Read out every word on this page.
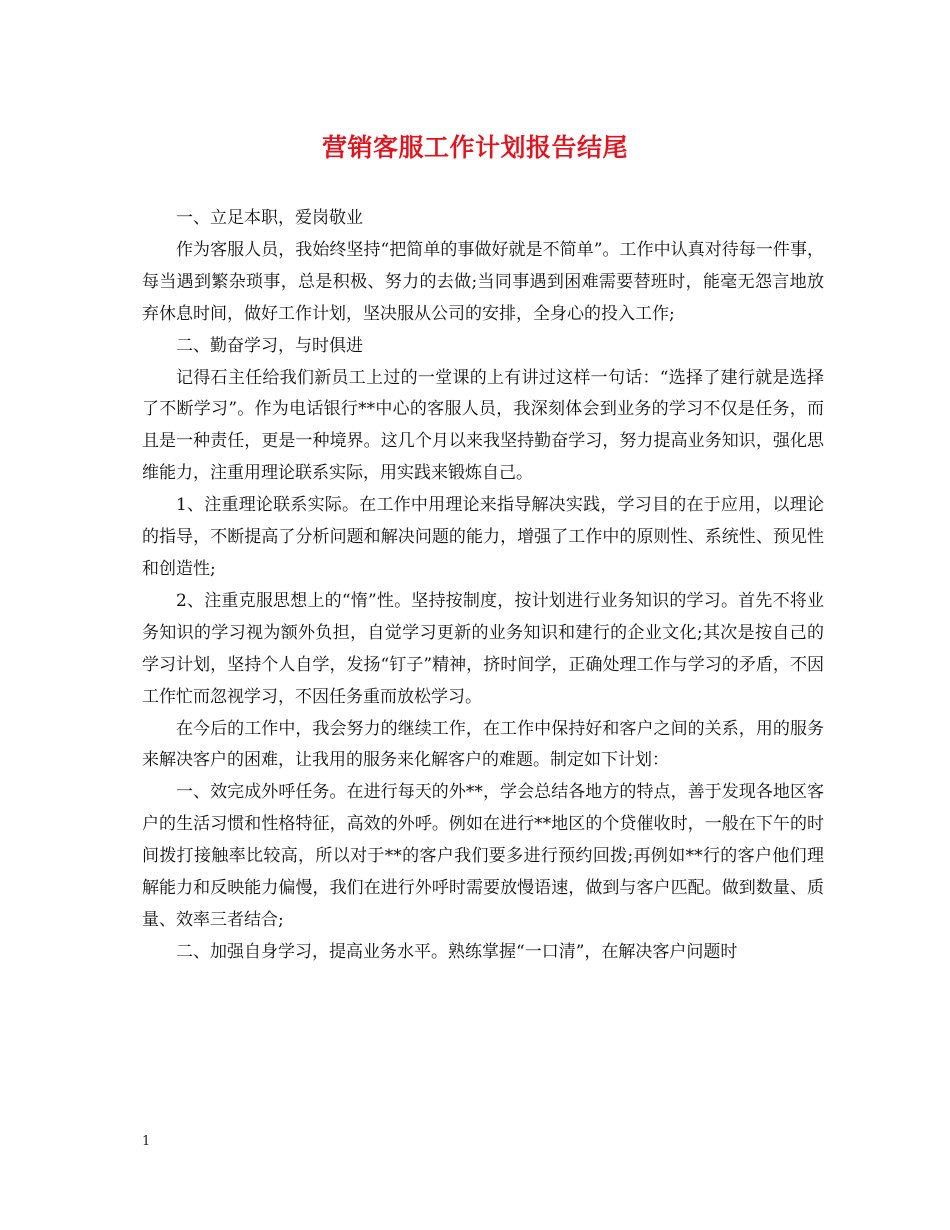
营销客服工作计划报告结尾

一、立足本职，爱岗敬业

作为客服人员，我始终坚持“把简单的事做好就是不简单”。工作中认真对待每一件事，每当遇到繁杂琐事，总是积极、努力的去做;当同事遇到困难需要替班时，能毫无怨言地放弃休息时间，做好工作计划，坚决服从公司的安排，全身心的投入工作;

二、勤奋学习，与时俱进

记得石主任给我们新员工上过的一堂课的上有讲过这样一句话：“选择了建行就是选择了不断学习”。作为电话银行**中心的客服人员，我深刻体会到业务的学习不仅是任务，而且是一种责任，更是一种境界。这几个月以来我坚持勤奋学习，努力提高业务知识，强化思维能力，注重用理论联系实际，用实践来锻炼自己。

1、注重理论联系实际。在工作中用理论来指导解决实践，学习目的在于应用，以理论的指导，不断提高了分析问题和解决问题的能力，增强了工作中的原则性、系统性、预见性和创造性;

2、注重克服思想上的“惰”性。坚持按制度，按计划进行业务知识的学习。首先不将业务知识的学习视为额外负担，自觉学习更新的业务知识和建行的企业文化;其次是按自己的学习计划，坚持个人自学，发扬“钉子”精神，挤时间学，正确处理工作与学习的矛盾，不因工作忙而忽视学习，不因任务重而放松学习。

在今后的工作中，我会努力的继续工作，在工作中保持好和客户之间的关系，用的服务来解决客户的困难，让我用的服务来化解客户的难题。制定如下计划：

一、效完成外呼任务。在进行每天的外**，学会总结各地方的特点，善于发现各地区客户的生活习惯和性格特征，高效的外呼。例如在进行**地区的个贷催收时，一般在下午的时间拨打接触率比较高，所以对于**的客户我们要多进行预约回拨;再例如**行的客户他们理解能力和反映能力偏慢，我们在进行外呼时需要放慢语速，做到与客户匹配。做到数量、质量、效率三者结合;

二、加强自身学习，提高业务水平。熟练掌握“一口清”，在解决客户问题时

1
